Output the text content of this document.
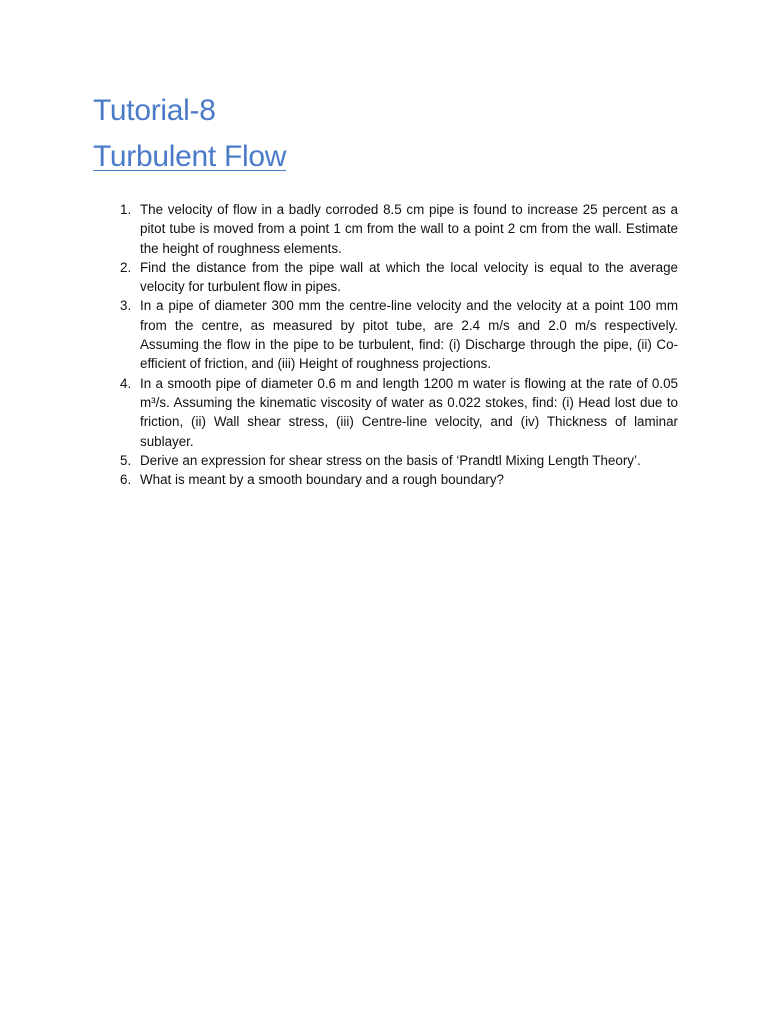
Tutorial-8
Turbulent Flow
1. The velocity of flow in a badly corroded 8.5 cm pipe is found to increase 25 percent as a pitot tube is moved from a point 1 cm from the wall to a point 2 cm from the wall. Estimate the height of roughness elements.
2. Find the distance from the pipe wall at which the local velocity is equal to the average velocity for turbulent flow in pipes.
3. In a pipe of diameter 300 mm the centre-line velocity and the velocity at a point 100 mm from the centre, as measured by pitot tube, are 2.4 m/s and 2.0 m/s respectively. Assuming the flow in the pipe to be turbulent, find: (i) Discharge through the pipe, (ii) Co-efficient of friction, and (iii) Height of roughness projections.
4. In a smooth pipe of diameter 0.6 m and length 1200 m water is flowing at the rate of 0.05 m³/s. Assuming the kinematic viscosity of water as 0.022 stokes, find: (i) Head lost due to friction, (ii) Wall shear stress, (iii) Centre-line velocity, and (iv) Thickness of laminar sublayer.
5. Derive an expression for shear stress on the basis of ‘Prandtl Mixing Length Theory’.
6. What is meant by a smooth boundary and a rough boundary?
